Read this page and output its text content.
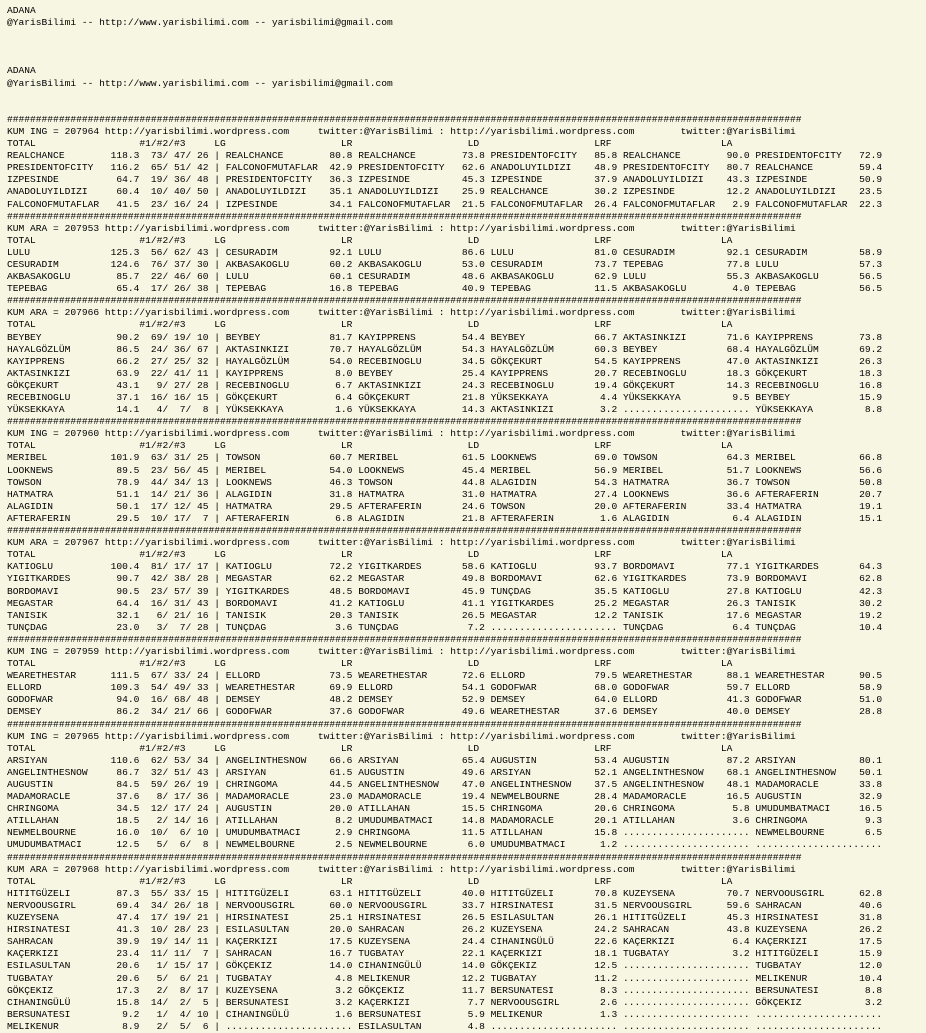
ADANA
@YarisBilimi -- http://www.yarisbilimi.com -- yarisbilimi@gmail.com
ADANA
@YarisBilimi -- http://www.yarisbilimi.com -- yarisbilimi@gmail.com
##########################################################################################################################################
KUM ING = 207964 http://yarisbilimi.wordpress.com     twitter:@YarisBilimi : http://yarisbilimi.wordpress.com        twitter:@YarisBilimi
TOTAL                  #1/#2/#3     LG                    LR                    LD                    LRF                   LA
REALCHANCE        118.3  73/ 47/ 26 | REALCHANCE        80.8 REALCHANCE        73.8 PRESIDENTOFCITY   85.8 REALCHANCE        90.0 PRESIDENTOFCITY   72.9
PRESIDENTOFCITY   116.2  65/ 51/ 42 | FALCONOFMUTAFLAR  42.9 PRESIDENTOFCITY   62.6 ANADOLUYILDIZI    48.9 PRESIDENTOFCITY   80.7 REALCHANCE        59.4
IZPESINDE          64.7  19/ 36/ 48 | PRESIDENTOFCITY   36.3 IZPESINDE         45.3 IZPESINDE         37.9 ANADOLUYILDIZI    43.3 IZPESINDE         50.9
ANADOLUYILDIZI     60.4  10/ 40/ 50 | ANADOLUYILDIZI    35.1 ANADOLUYILDIZI    25.9 REALCHANCE        30.2 IZPESINDE         12.2 ANADOLUYILDIZI    23.5
FALCONOFMUTAFLAR   41.5  23/ 16/ 24 | IZPESINDE         34.1 FALCONOFMUTAFLAR  21.5 FALCONOFMUTAFLAR  26.4 FALCONOFMUTAFLAR   2.9 FALCONOFMUTAFLAR  22.3
##########################################################################################################################################
KUM ARA = 207953 http://yarisbilimi.wordpress.com     twitter:@YarisBilimi : http://yarisbilimi.wordpress.com        twitter:@YarisBilimi
TOTAL                  #1/#2/#3     LG                    LR                    LD                    LRF                   LA
LULU              125.3  56/ 62/ 43 | CESURADIM         92.1 LULU              86.6 LULU              81.0 CESURADIM         92.1 CESURADIM         58.9
CESURADIM         124.6  76/ 37/ 30 | AKBASAKOGLU       60.2 AKBASAKOGLU       53.0 CESURADIM         73.7 TEPEBAG           77.8 LULU              57.3
AKBASAKOGLU        85.7  22/ 46/ 60 | LULU              60.1 CESURADIM         48.6 AKBASAKOGLU       62.9 LULU              55.3 AKBASAKOGLU       56.5
TEPEBAG            65.4  17/ 26/ 38 | TEPEBAG           16.8 TEPEBAG           40.9 TEPEBAG           11.5 AKBASAKOGLU        4.0 TEPEBAG           56.5
##########################################################################################################################################
KUM ARA = 207966 http://yarisbilimi.wordpress.com     twitter:@YarisBilimi : http://yarisbilimi.wordpress.com        twitter:@YarisBilimi
TOTAL                  #1/#2/#3     LG                    LR                    LD                    LRF                   LA
BEYBEY             90.2  69/ 19/ 10 | BEYBEY            81.7 KAYIPPRENS        54.4 BEYBEY            66.7 AKTASINKIZI       71.6 KAYIPPRENS        73.8
HAYALGÖZLÜM        86.5  24/ 36/ 67 | AKTASINKIZI       70.7 HAYALGÖZLÜM       54.3 HAYALGÖZLÜM       60.3 BEYBEY            68.4 HAYALGÖZLÜM       69.2
KAYIPPRENS         66.2  27/ 25/ 32 | HAYALGÖZLÜM       54.0 RECEBINOGLU       34.5 GÖKÇEKURT         54.5 KAYIPPRENS        47.0 AKTASINKIZI       26.3
AKTASINKIZI        63.9  22/ 41/ 11 | KAYIPPRENS         8.0 BEYBEY            25.4 KAYIPPRENS        20.7 RECEBINOGLU       18.3 GÖKÇEKURT         18.3
GÖKÇEKURT          43.1   9/ 27/ 28 | RECEBINOGLU        6.7 AKTASINKIZI       24.3 RECEBINOGLU       19.4 GÖKÇEKURT         14.3 RECEBINOGLU       16.8
RECEBINOGLU        37.1  16/ 16/ 15 | GÖKÇEKURT          6.4 GÖKÇEKURT         21.8 YÜKSEKKAYA         4.4 YÜKSEKKAYA         9.5 BEYBEY            15.9
YÜKSEKKAYA         14.1   4/  7/  8 | YÜKSEKKAYA         1.6 YÜKSEKKAYA        14.3 AKTASINKIZI        3.2 ...................... YÜKSEKKAYA         8.8
##########################################################################################################################################
KUM ING = 207960 http://yarisbilimi.wordpress.com     twitter:@YarisBilimi : http://yarisbilimi.wordpress.com        twitter:@YarisBilimi
TOTAL                  #1/#2/#3     LG                    LR                    LD                    LRF                   LA
MERIBEL           101.9  63/ 31/ 25 | TOWSON            60.7 MERIBEL           61.5 LOOKNEWS          69.0 TOWSON            64.3 MERIBEL           66.8
LOOKNEWS           89.5  23/ 56/ 45 | MERIBEL           54.0 LOOKNEWS          45.4 MERIBEL           56.9 MERIBEL           51.7 LOOKNEWS          56.6
TOWSON             78.9  44/ 34/ 13 | LOOKNEWS          46.3 TOWSON            44.8 ALAGIDIN          54.3 HATMATRA          36.7 TOWSON            50.8
HATMATRA           51.1  14/ 21/ 36 | ALAGIDIN          31.8 HATMATRA          31.0 HATMATRA          27.4 LOOKNEWS          36.6 AFTERAFERIN       20.7
ALAGIDIN           50.1  17/ 12/ 45 | HATMATRA          29.5 AFTERAFERIN       24.6 TOWSON            20.0 AFTERAFERIN       33.4 HATMATRA          19.1
AFTERAFERIN        29.5  10/ 17/  7 | AFTERAFERIN        6.8 ALAGIDIN          21.8 AFTERAFERIN        1.6 ALAGIDIN           6.4 ALAGIDIN          15.1
##########################################################################################################################################
KUM ARA = 207967 http://yarisbilimi.wordpress.com     twitter:@YarisBilimi : http://yarisbilimi.wordpress.com        twitter:@YarisBilimi
TOTAL                  #1/#2/#3     LG                    LR                    LD                    LRF                   LA
KATIOGLU          100.4  81/ 17/ 17 | KATIOGLU          72.2 YIGITKARDES       58.6 KATIOGLU          93.7 BORDOMAVI         77.1 YIGITKARDES       64.3
YIGITKARDES        90.7  42/ 38/ 28 | MEGASTAR          62.2 MEGASTAR          49.8 BORDOMAVI         62.6 YIGITKARDES       73.9 BORDOMAVI         62.8
BORDOMAVI          90.5  23/ 57/ 39 | YIGITKARDES       48.5 BORDOMAVI         45.9 TUNÇDAG           35.5 KATIOGLU          27.8 KATIOGLU          42.3
MEGASTAR           64.4  16/ 31/ 43 | BORDOMAVI         41.2 KATIOGLU          41.1 YIGITKARDES       25.2 MEGASTAR          26.3 TANISIK           30.2
TANISIK            32.1   6/ 21/ 16 | TANISIK           20.3 TANISIK           26.5 MEGASTAR          12.2 TANISIK           17.6 MEGASTAR          19.2
TUNÇDAG            23.0   3/  7/ 28 | TUNÇDAG            3.6 TUNÇDAG            7.2 ...................... TUNÇDAG            6.4 TUNÇDAG           10.4
##########################################################################################################################################
KUM ING = 207959 http://yarisbilimi.wordpress.com     twitter:@YarisBilimi : http://yarisbilimi.wordpress.com        twitter:@YarisBilimi
TOTAL                  #1/#2/#3     LG                    LR                    LD                    LRF                   LA
WEARETHESTAR      111.5  67/ 33/ 24 | ELLORD            73.5 WEARETHESTAR      72.6 ELLORD            79.5 WEARETHESTAR      88.1 WEARETHESTAR      90.5
ELLORD            109.3  54/ 49/ 33 | WEARETHESTAR      69.9 ELLORD            54.1 GODOFWAR          68.0 GODOFWAR          59.7 ELLORD            58.9
GODOFWAR           94.0  16/ 68/ 48 | DEMSEY            48.2 DEMSEY            52.9 DEMSEY            64.0 ELLORD            41.3 GODOFWAR          51.0
DEMSEY             86.2  34/ 21/ 66 | GODOFWAR          37.6 GODOFWAR          49.6 WEARETHESTAR      37.6 DEMSEY            40.0 DEMSEY            28.8
##########################################################################################################################################
KUM ING = 207965 http://yarisbilimi.wordpress.com     twitter:@YarisBilimi : http://yarisbilimi.wordpress.com        twitter:@YarisBilimi
TOTAL                  #1/#2/#3     LG                    LR                    LD                    LRF                   LA
ARSIYAN           110.6  62/ 53/ 34 | ANGELINTHESNOW    66.6 ARSIYAN           65.4 AUGUSTIN          53.4 AUGUSTIN          87.2 ARSIYAN           80.1
ANGELINTHESNOW     86.7  32/ 51/ 43 | ARSIYAN           61.5 AUGUSTIN          49.6 ARSIYAN           52.1 ANGELINTHESNOW    68.1 ANGELINTHESNOW    50.1
AUGUSTIN           84.5  59/ 26/ 19 | CHRINGOMA         44.5 ANGELINTHESNOW    47.0 ANGELINTHESNOW    37.5 ANGELINTHESNOW    48.1 MADAMORACLE       33.8
MADAMORACLE        37.6   8/ 17/ 36 | MADAMORACLE       23.0 MADAMORACLE       19.4 NEWMELBOURNE      28.4 MADAMORACLE       16.5 AUGUSTIN          32.9
CHRINGOMA          34.5  12/ 17/ 24 | AUGUSTIN          20.0 ATILLAHAN         15.5 CHRINGOMA         20.6 CHRINGOMA          5.8 UMUDUMBATMACI     16.5
ATILLAHAN          18.5   2/ 14/ 16 | ATILLAHAN          8.2 UMUDUMBATMACI     14.8 MADAMORACLE       20.1 ATILLAHAN          3.6 CHRINGOMA          9.3
NEWMELBOURNE       16.0  10/  6/ 10 | UMUDUMBATMACI      2.9 CHRINGOMA         11.5 ATILLAHAN         15.8 ...................... NEWMELBOURNE       6.5
UMUDUMBATMACI      12.5   5/  6/  8 | NEWMELBOURNE       2.5 NEWMELBOURNE       6.0 UMUDUMBATMACI      1.2 ...................... ......................
##########################################################################################################################################
KUM ARA = 207968 http://yarisbilimi.wordpress.com     twitter:@YarisBilimi : http://yarisbilimi.wordpress.com        twitter:@YarisBilimi
TOTAL                  #1/#2/#3     LG                    LR                    LD                    LRF                   LA
HITITGÜZELI        87.3  55/ 33/ 15 | HITITGÜZELI       63.1 HITITGÜZELI       40.0 HITITGÜZELI       70.8 KUZEYSENA         70.7 NERVOOUSGIRL      62.8
NERVOOUSGIRL       69.4  34/ 26/ 18 | NERVOOUSGIRL      60.0 NERVOOUSGIRL      33.7 HIRSINATESI       31.5 NERVOOUSGIRL      59.6 SAHRACAN          40.6
KUZEYSENA          47.4  17/ 19/ 21 | HIRSINATESI       25.1 HIRSINATESI       26.5 ESILASULTAN       26.1 HITITGÜZELI       45.3 HIRSINATESI       31.8
HIRSINATESI        41.3  10/ 28/ 23 | ESILASULTAN       20.0 SAHRACAN          26.2 KUZEYSENA         24.2 SAHRACAN          43.8 KUZEYSENA         26.2
SAHRACAN           39.9  19/ 14/ 11 | KAÇERKIZI         17.5 KUZEYSENA         24.4 CIHANINGÜLÜ       22.6 KAÇERKIZI          6.4 KAÇERKIZI         17.5
KAÇERKIZI          23.4  11/ 11/  7 | SAHRACAN          16.7 TUGBATAY          22.1 KAÇERKIZI         18.1 TUGBATAY           3.2 HITITGÜZELI       15.9
ESILASULTAN        20.6   1/ 15/ 17 | GÖKÇEKIZ          14.0 CIHANINGÜLÜ       14.0 GÖKÇEKIZ          12.5 ...................... TUGBATAY          12.0
TUGBATAY           20.6   5/  6/ 21 | TUGBATAY           4.8 MELIKENUR         12.2 TUGBATAY          11.2 ...................... MELIKENUR         10.4
GÖKÇEKIZ           17.3   2/  8/ 17 | KUZEYSENA          3.2 GÖKÇEKIZ          11.7 BERSUNATESI        8.3 ...................... BERSUNATESI        8.8
CIHANINGÜLÜ        15.8  14/  2/  5 | BERSUNATESI        3.2 KAÇERKIZI          7.7 NERVOOUSGIRL       2.6 ...................... GÖKÇEKIZ           3.2
BERSUNATESI         9.2   1/  4/ 10 | CIHANINGÜLÜ        1.6 BERSUNATESI        5.9 MELIKENUR          1.3 ...................... ......................
MELIKENUR           8.9   2/  5/  6 | ...................... ESILASULTAN        4.8 ...................... ...................... ......................
